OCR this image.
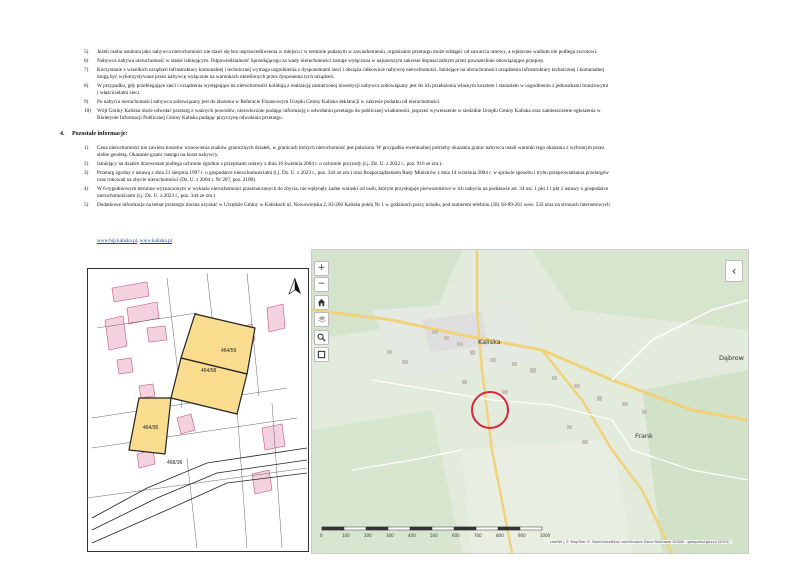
5) Jeżeli osoba ustalona jako nabywca nieruchomości nie stawi się bez usprawiedliwienia w miejscu i w terminie podanym w zawiadomieniu, organizator przetargu może odstąpić od zawarcia umowy, a wpłacone wadium nie podlega zwrotowi.
6) Nabywca nabywa nieruchomość w stanie istniejącym. Odpowiedzialność Sprzedającego za wady nieruchomości zostaje wyłączona w najszerszym zakresie dopuszczalnym przez powszechnie obowiązujące przepisy.
7) Korzystanie z wszelkich urządzeń infrastruktury komunalnej i technicznej wymaga uzgodnienia z dysponentami sieci i obciąża całkowicie nabywcę nieruchomości. Istniejące na nieruchomości urządzenia infrastruktury technicznej i komunalnej
mogą być wykorzystywane przez nabywcę wyłącznie na warunkach określonych przez dysponenta tych urządzeń.
8) W przypadku, gdy przebiegające sieci i urządzenia występujące na nieruchomości kolidują z realizacją zamierzonej inwestycji nabywca zobowiązany jest do ich przełożenia własnym kosztem i staraniem w uzgodnieniu z jednostkami branżowymi
i właścicielami sieci.
9) Po nabyciu nieruchomości nabywca zobowiązany jest do złożenia w Referacie Finansowym Urzędu Gminy Kaliska deklaracji w zakresie podatku od nieruchomości.
10) Wójt Gminy Kaliska może odwołać przetarg z ważnych powodów, niezwłocznie podając informację o odwołaniu przetargu do publicznej wiadomości, poprzez wywieszenie w siedzibie Urzędu Gminy Kaliska oraz zamieszczenie ogłoszenia w
Biuletynie Informacji Publicznej Gminy Kaliska podając przyczynę odwołania przetargu.
4. Pozostałe informacje:
1) Cena nieruchomości nie zawiera kosztów wznowienia znaków granicznych działek, w granicach których nieruchomość jest położona. W przypadku ewentualnej potrzeby okazania granic nabywca ustali warunki tego okazania z wybranym przez
siebie geodetą. Okazanie granic nastąpi na koszt nabywcy.
2) Istniejący na działce drzewostan podlega ochronie zgodnie z przepisami ustawy z dnia 16 kwietnia 2004 r. o ochronie przyrody (t.j. Dz. U. z 2022 r., poz. 916 ze zm.).
3) Przetarg zgodny z ustawą z dnia 21 sierpnia 1997 r. o gospodarce nieruchomościami (t.j. Dz. U. z 2023 r., poz. 344 ze zm.) oraz Rozporządzeniem Rady Ministrów z dnia 14 września 2004 r. w sprawie sposobu i trybu przeprowadzania przetargów
oraz rokowań na zbycie nieruchomości (Dz. U. z 2004 r. Nr 207, poz. 2108).
4) W 6-tygodniowym terminie wyznaczonym w wykazie nieruchomości przeznaczonych do zbycia, nie wpłynęły żadne wnioski od osób, którym przysługuje pierwszeństwo w ich nabyciu na podstawie art. 34 ust. 1 pkt 1 i pkt 2 ustawy o gospodarce
nieruchomościami (t.j. Dz. U. z 2023 r., poz. 344 ze zm.)
5) Dodatkowe informacje na temat przetargu można uzyskać w Urzędzie Gminy w Kaliskach ul. Nowowiejska 2, 83-260 Kaliska pokój Nr 1 w godzinach pracy urzędu, pod numerem telefonu (58) 58-89-201 wew. 533 oraz na stronach internetowych
www.bip.kaliska.pl, www.kaliska.pl
464/59
464/58
464/36
468/36
0	100	200	300	400	500	600	700	800	900	1000
Kaliska
Frank
Dąbrow
+
−
‹
Leaflet | © MapTiler © OpenStreetMap contributors Dane Rastrowe GUGiK - geoportal.gov.pl (2015)
